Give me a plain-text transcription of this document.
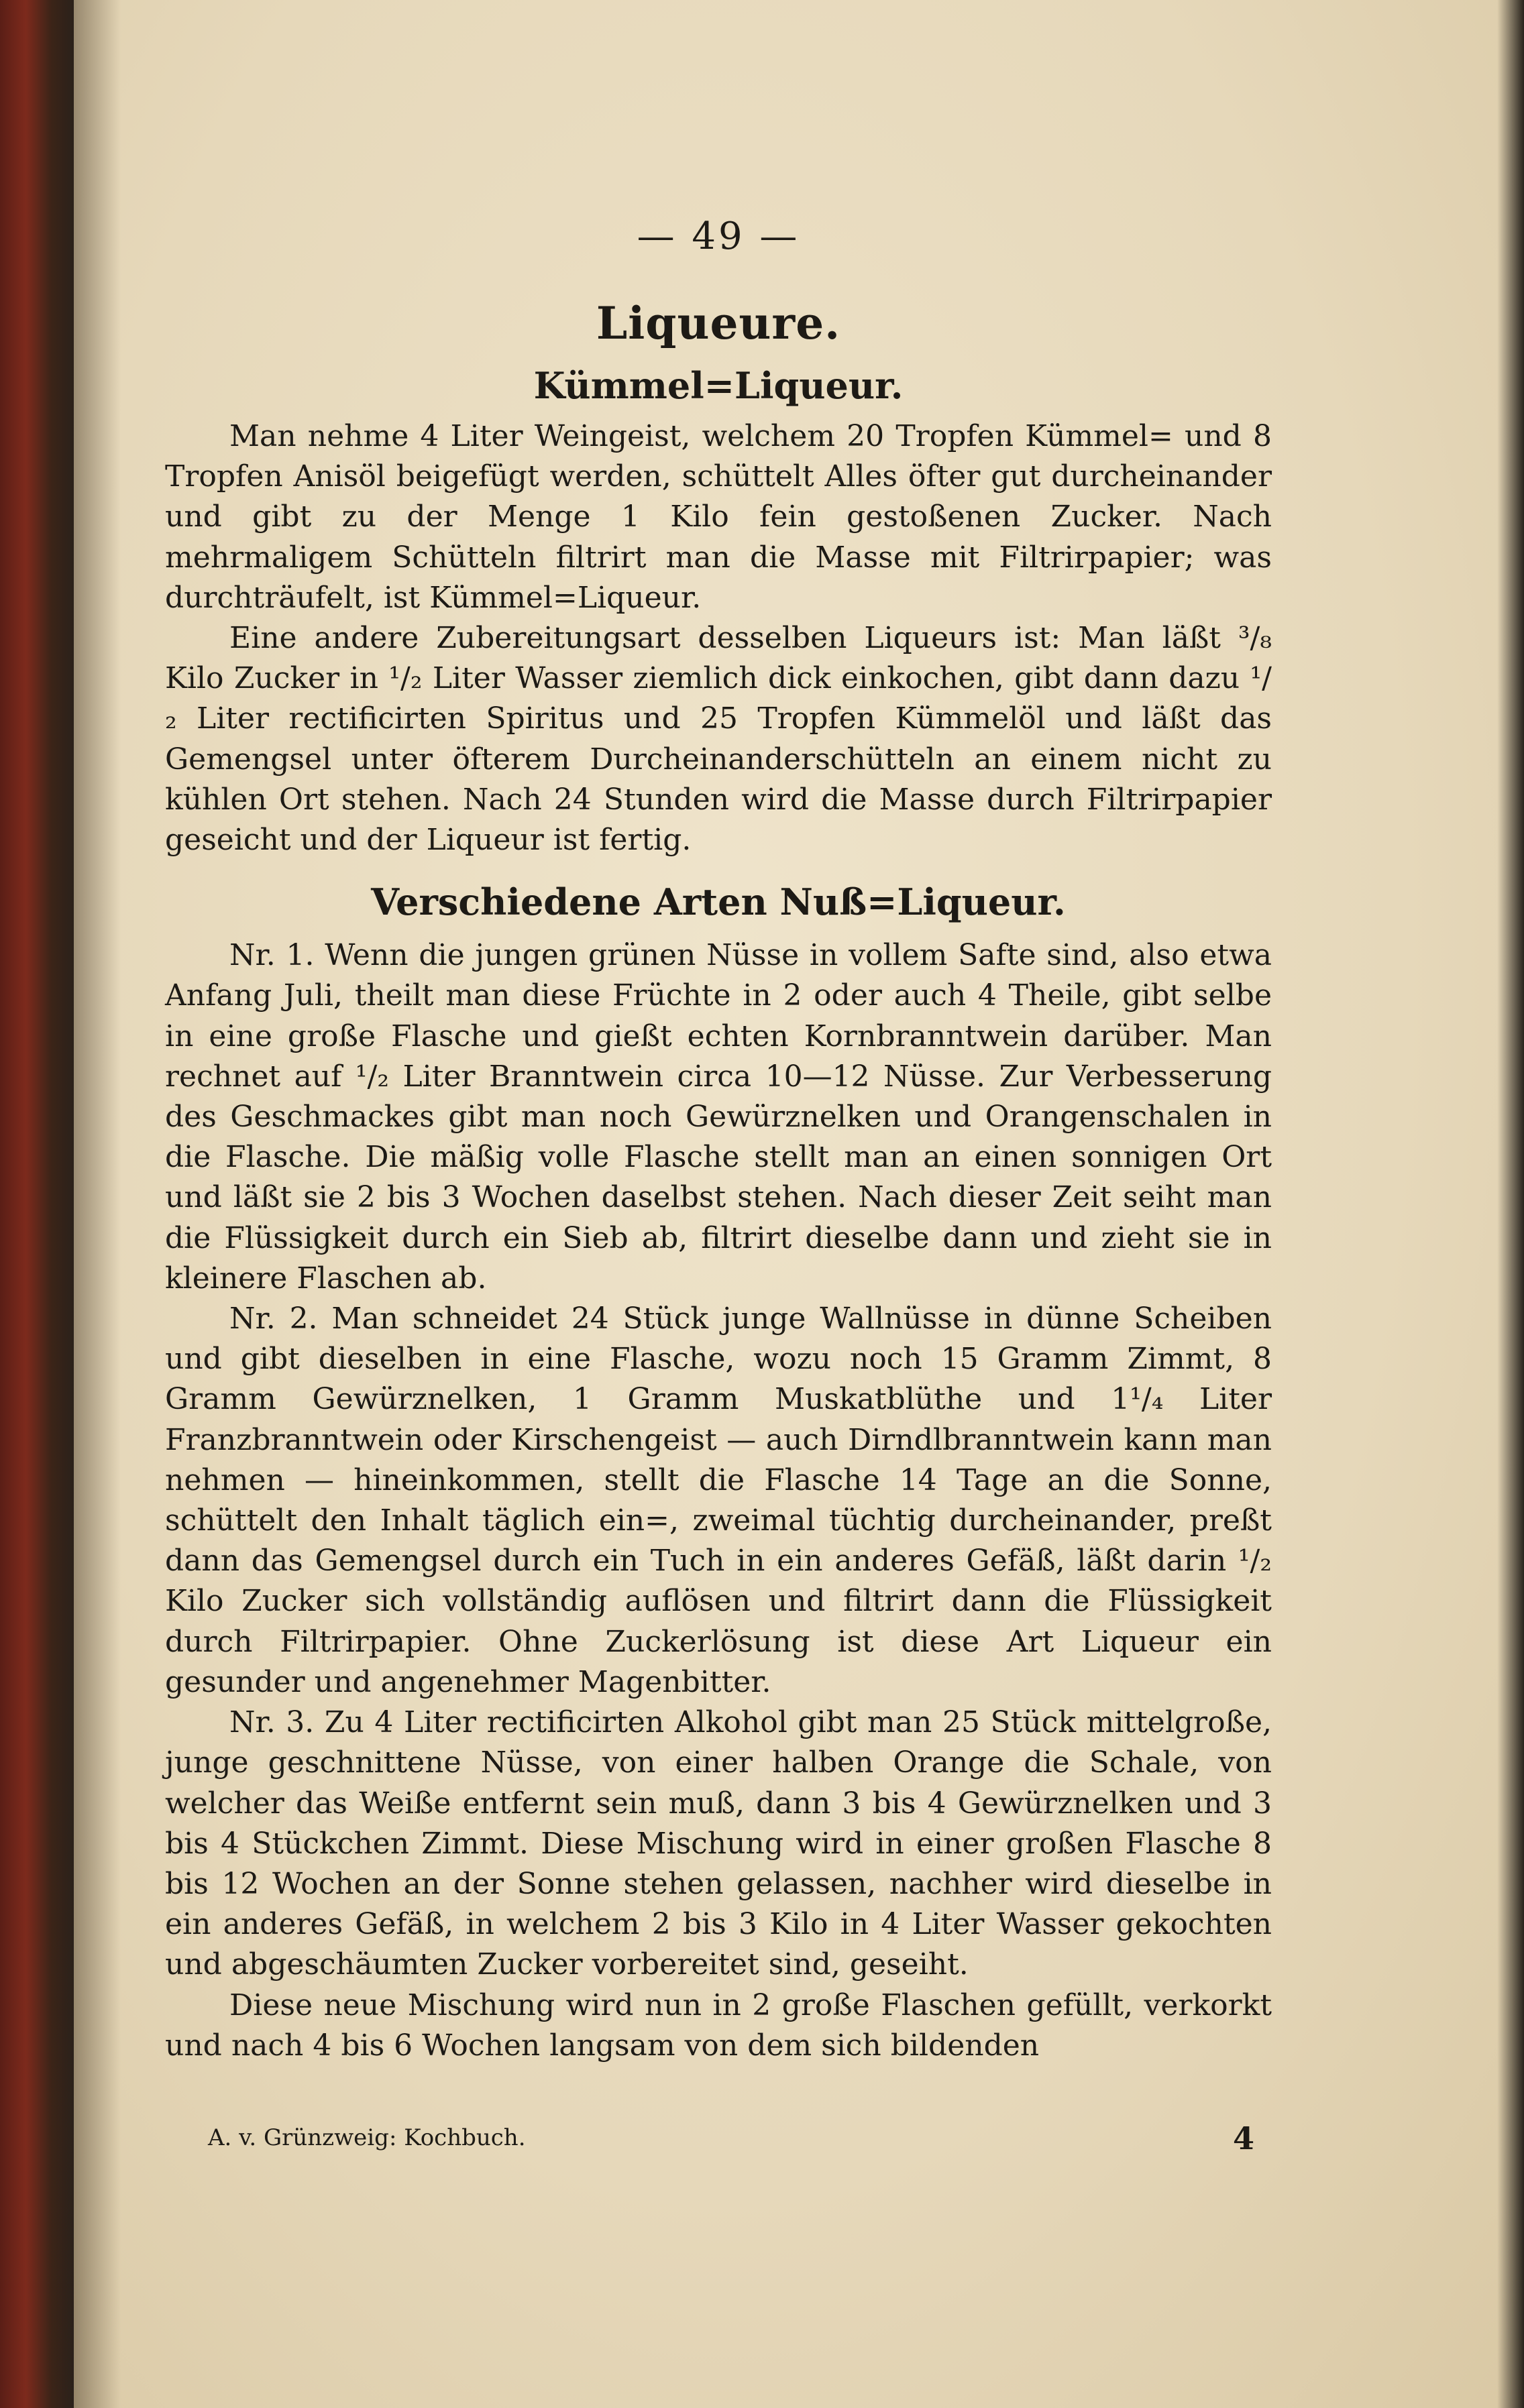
— 49 —
Liqueure.
Kümmel=Liqueur.

Man nehme 4 Liter Weingeist, welchem 20 Tropfen Kümmel= und 8 Tropfen Anisöl beigefügt werden, schüttelt Alles öfter gut durcheinander und gibt zu der Menge 1 Kilo fein gestoßenen Zucker. Nach mehrmaligem Schütteln filtrirt man die Masse mit Filtrirpapier; was durchträufelt, ist Kümmel=Liqueur.

Eine andere Zubereitungsart desselben Liqueurs ist: Man läßt ³/₈ Kilo Zucker in ¹/₂ Liter Wasser ziemlich dick einkochen, gibt dann dazu ¹/₂ Liter rectificirten Spiritus und 25 Tropfen Kümmelöl und läßt das Gemengsel unter öfterem Durcheinanderschütteln an einem nicht zu kühlen Ort stehen. Nach 24 Stunden wird die Masse durch Filtrirpapier geseicht und der Liqueur ist fertig.

Verschiedene Arten Nuß=Liqueur.

Nr. 1. Wenn die jungen grünen Nüsse in vollem Safte sind, also etwa Anfang Juli, theilt man diese Früchte in 2 oder auch 4 Theile, gibt selbe in eine große Flasche und gießt echten Kornbranntwein darüber. Man rechnet auf ¹/₂ Liter Branntwein circa 10—12 Nüsse. Zur Verbesserung des Geschmackes gibt man noch Gewürznelken und Orangenschalen in die Flasche. Die mäßig volle Flasche stellt man an einen sonnigen Ort und läßt sie 2 bis 3 Wochen daselbst stehen. Nach dieser Zeit seiht man die Flüssigkeit durch ein Sieb ab, filtrirt dieselbe dann und zieht sie in kleinere Flaschen ab.

Nr. 2. Man schneidet 24 Stück junge Wallnüsse in dünne Scheiben und gibt dieselben in eine Flasche, wozu noch 15 Gramm Zimmt, 8 Gramm Gewürznelken, 1 Gramm Muskatblüthe und 1¹/₄ Liter Franzbranntwein oder Kirschengeist — auch Dirndlbranntwein kann man nehmen — hineinkommen, stellt die Flasche 14 Tage an die Sonne, schüttelt den Inhalt täglich ein=, zweimal tüchtig durcheinander, preßt dann das Gemengsel durch ein Tuch in ein anderes Gefäß, läßt darin ¹/₂ Kilo Zucker sich vollständig auflösen und filtrirt dann die Flüssigkeit durch Filtrirpapier. Ohne Zuckerlösung ist diese Art Liqueur ein gesunder und angenehmer Magenbitter.

Nr. 3. Zu 4 Liter rectificirten Alkohol gibt man 25 Stück mittelgroße, junge geschnittene Nüsse, von einer halben Orange die Schale, von welcher das Weiße entfernt sein muß, dann 3 bis 4 Gewürznelken und 3 bis 4 Stückchen Zimmt. Diese Mischung wird in einer großen Flasche 8 bis 12 Wochen an der Sonne stehen gelassen, nachher wird dieselbe in ein anderes Gefäß, in welchem 2 bis 3 Kilo in 4 Liter Wasser gekochten und abgeschäumten Zucker vorbereitet sind, geseiht.

Diese neue Mischung wird nun in 2 große Flaschen gefüllt, verkorkt und nach 4 bis 6 Wochen langsam von dem sich bildenden

A. v. Grünzweig: Kochbuch.	4
